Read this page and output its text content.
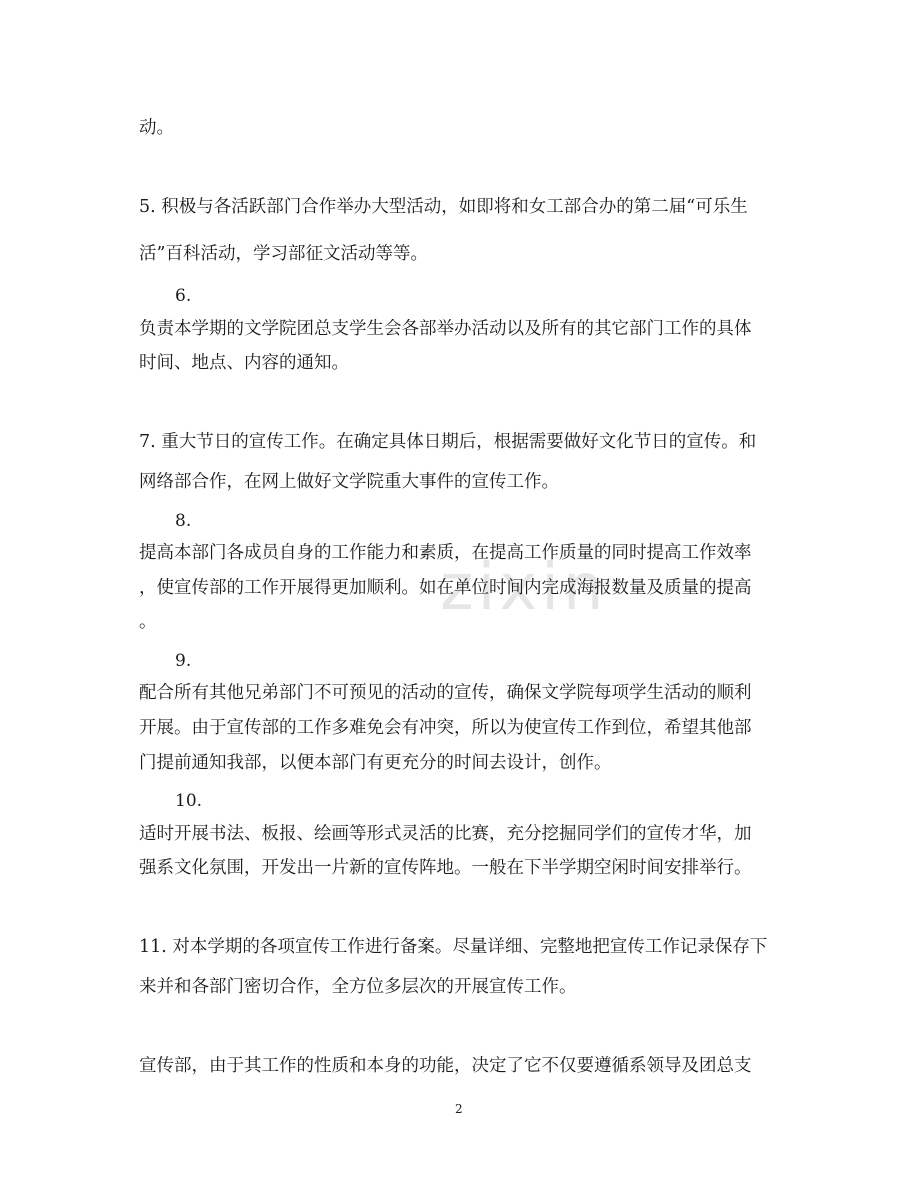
zixin
动。
5. 积极与各活跃部门合作举办大型活动，如即将和女工部合办的第二届“可乐生
活”百科活动，学习部征文活动等等。
6.
负责本学期的文学院团总支学生会各部举办活动以及所有的其它部门工作的具体
时间、地点、内容的通知。
7. 重大节日的宣传工作。在确定具体日期后，根据需要做好文化节日的宣传。和
网络部合作，在网上做好文学院重大事件的宣传工作。
8.
提高本部门各成员自身的工作能力和素质，在提高工作质量的同时提高工作效率
，使宣传部的工作开展得更加顺利。如在单位时间内完成海报数量及质量的提高
。
9.
配合所有其他兄弟部门不可预见的活动的宣传，确保文学院每项学生活动的顺利
开展。由于宣传部的工作多难免会有冲突，所以为使宣传工作到位，希望其他部
门提前通知我部，以便本部门有更充分的时间去设计，创作。
10.
适时开展书法、板报、绘画等形式灵活的比赛，充分挖掘同学们的宣传才华，加
强系文化氛围，开发出一片新的宣传阵地。一般在下半学期空闲时间安排举行。
11. 对本学期的各项宣传工作进行备案。尽量详细、完整地把宣传工作记录保存下
来并和各部门密切合作，全方位多层次的开展宣传工作。
宣传部，由于其工作的性质和本身的功能，决定了它不仅要遵循系领导及团总支
2
